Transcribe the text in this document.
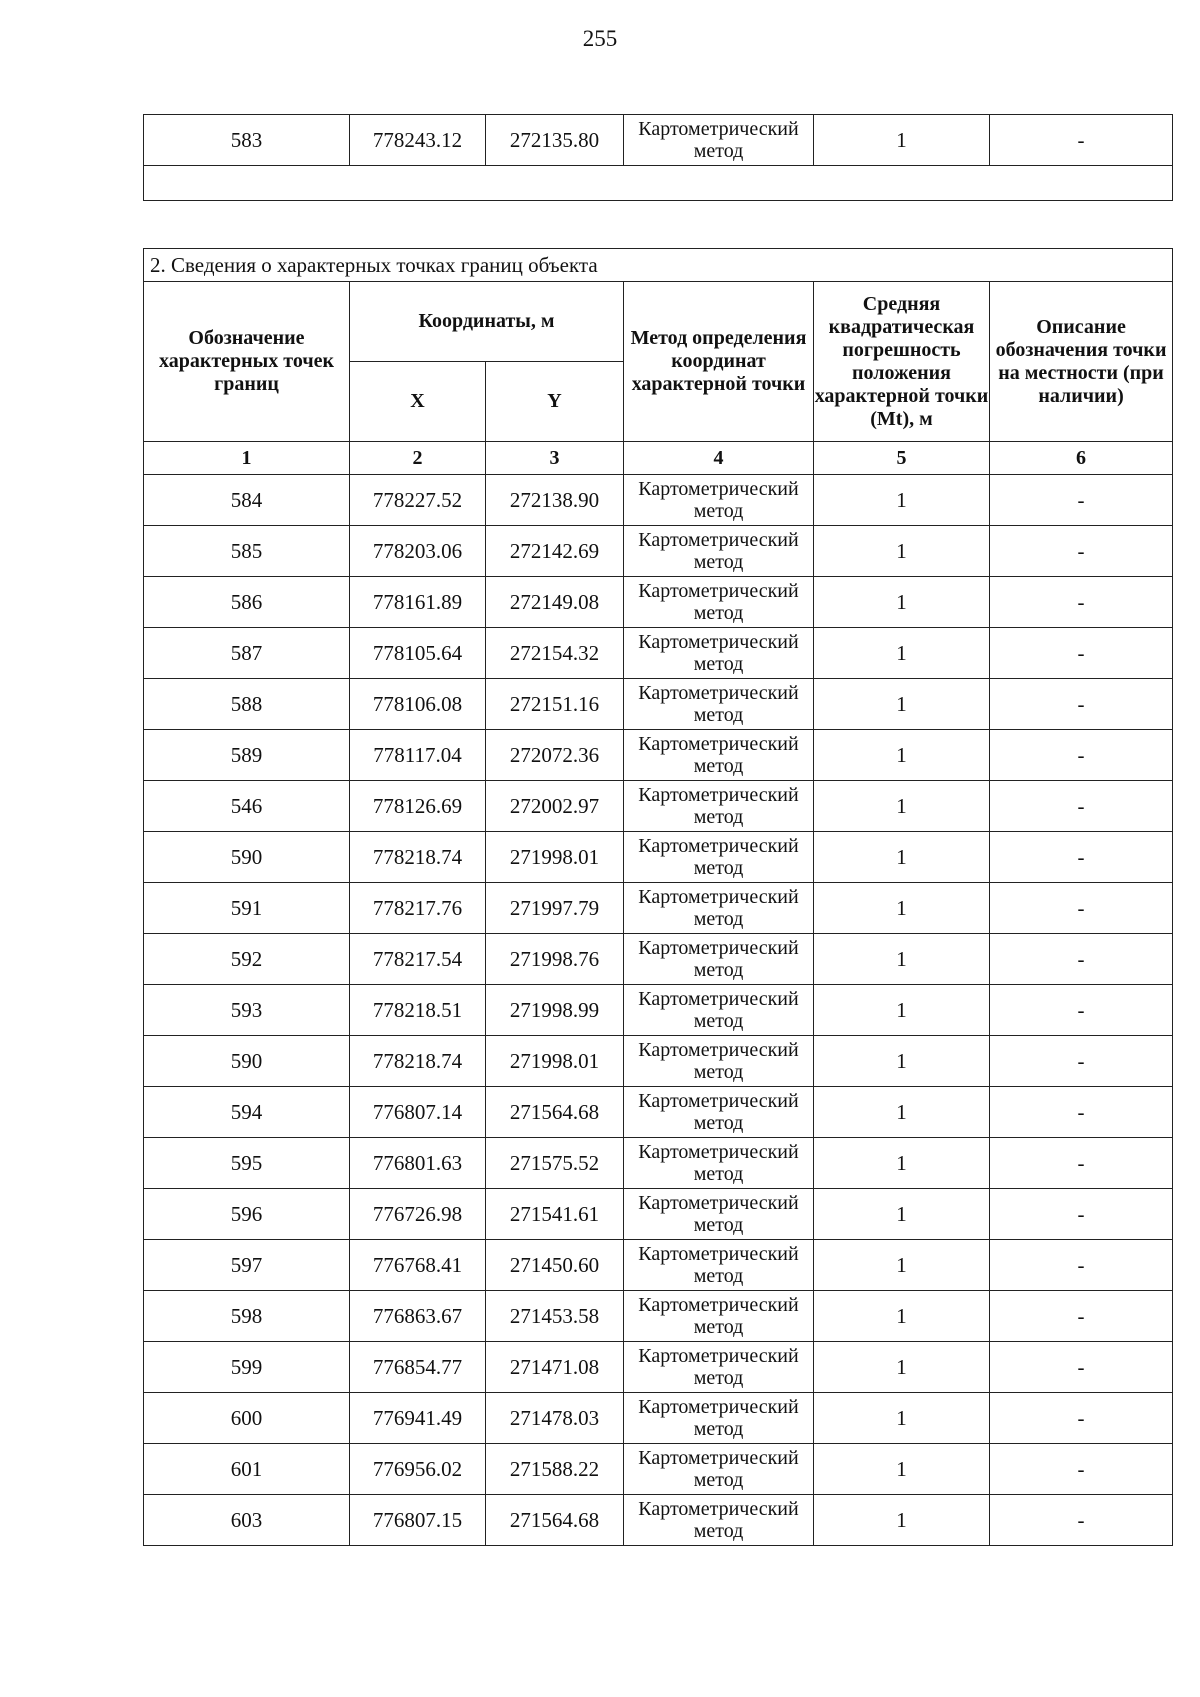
255
583	778243.12	272135.80	Картометрический метод	1	-

2. Сведения о характерных точках границ объекта					
Обозначение характерных точек границ	Координаты, м		Метод определения координат характерной точки	Средняя квадратическая погрешность положения характерной точки (Mt), м	Описание обозначения точки на местности (при наличии)
	X	Y			
1	2	3	4	5	6
584	778227.52	272138.90	Картометрический метод	1	-
585	778203.06	272142.69	Картометрический метод	1	-
586	778161.89	272149.08	Картометрический метод	1	-
587	778105.64	272154.32	Картометрический метод	1	-
588	778106.08	272151.16	Картометрический метод	1	-
589	778117.04	272072.36	Картометрический метод	1	-
546	778126.69	272002.97	Картометрический метод	1	-
590	778218.74	271998.01	Картометрический метод	1	-
591	778217.76	271997.79	Картометрический метод	1	-
592	778217.54	271998.76	Картометрический метод	1	-
593	778218.51	271998.99	Картометрический метод	1	-
590	778218.74	271998.01	Картометрический метод	1	-
594	776807.14	271564.68	Картометрический метод	1	-
595	776801.63	271575.52	Картометрический метод	1	-
596	776726.98	271541.61	Картометрический метод	1	-
597	776768.41	271450.60	Картометрический метод	1	-
598	776863.67	271453.58	Картометрический метод	1	-
599	776854.77	271471.08	Картометрический метод	1	-
600	776941.49	271478.03	Картометрический метод	1	-
601	776956.02	271588.22	Картометрический метод	1	-
603	776807.15	271564.68	Картометрический метод	1	-
